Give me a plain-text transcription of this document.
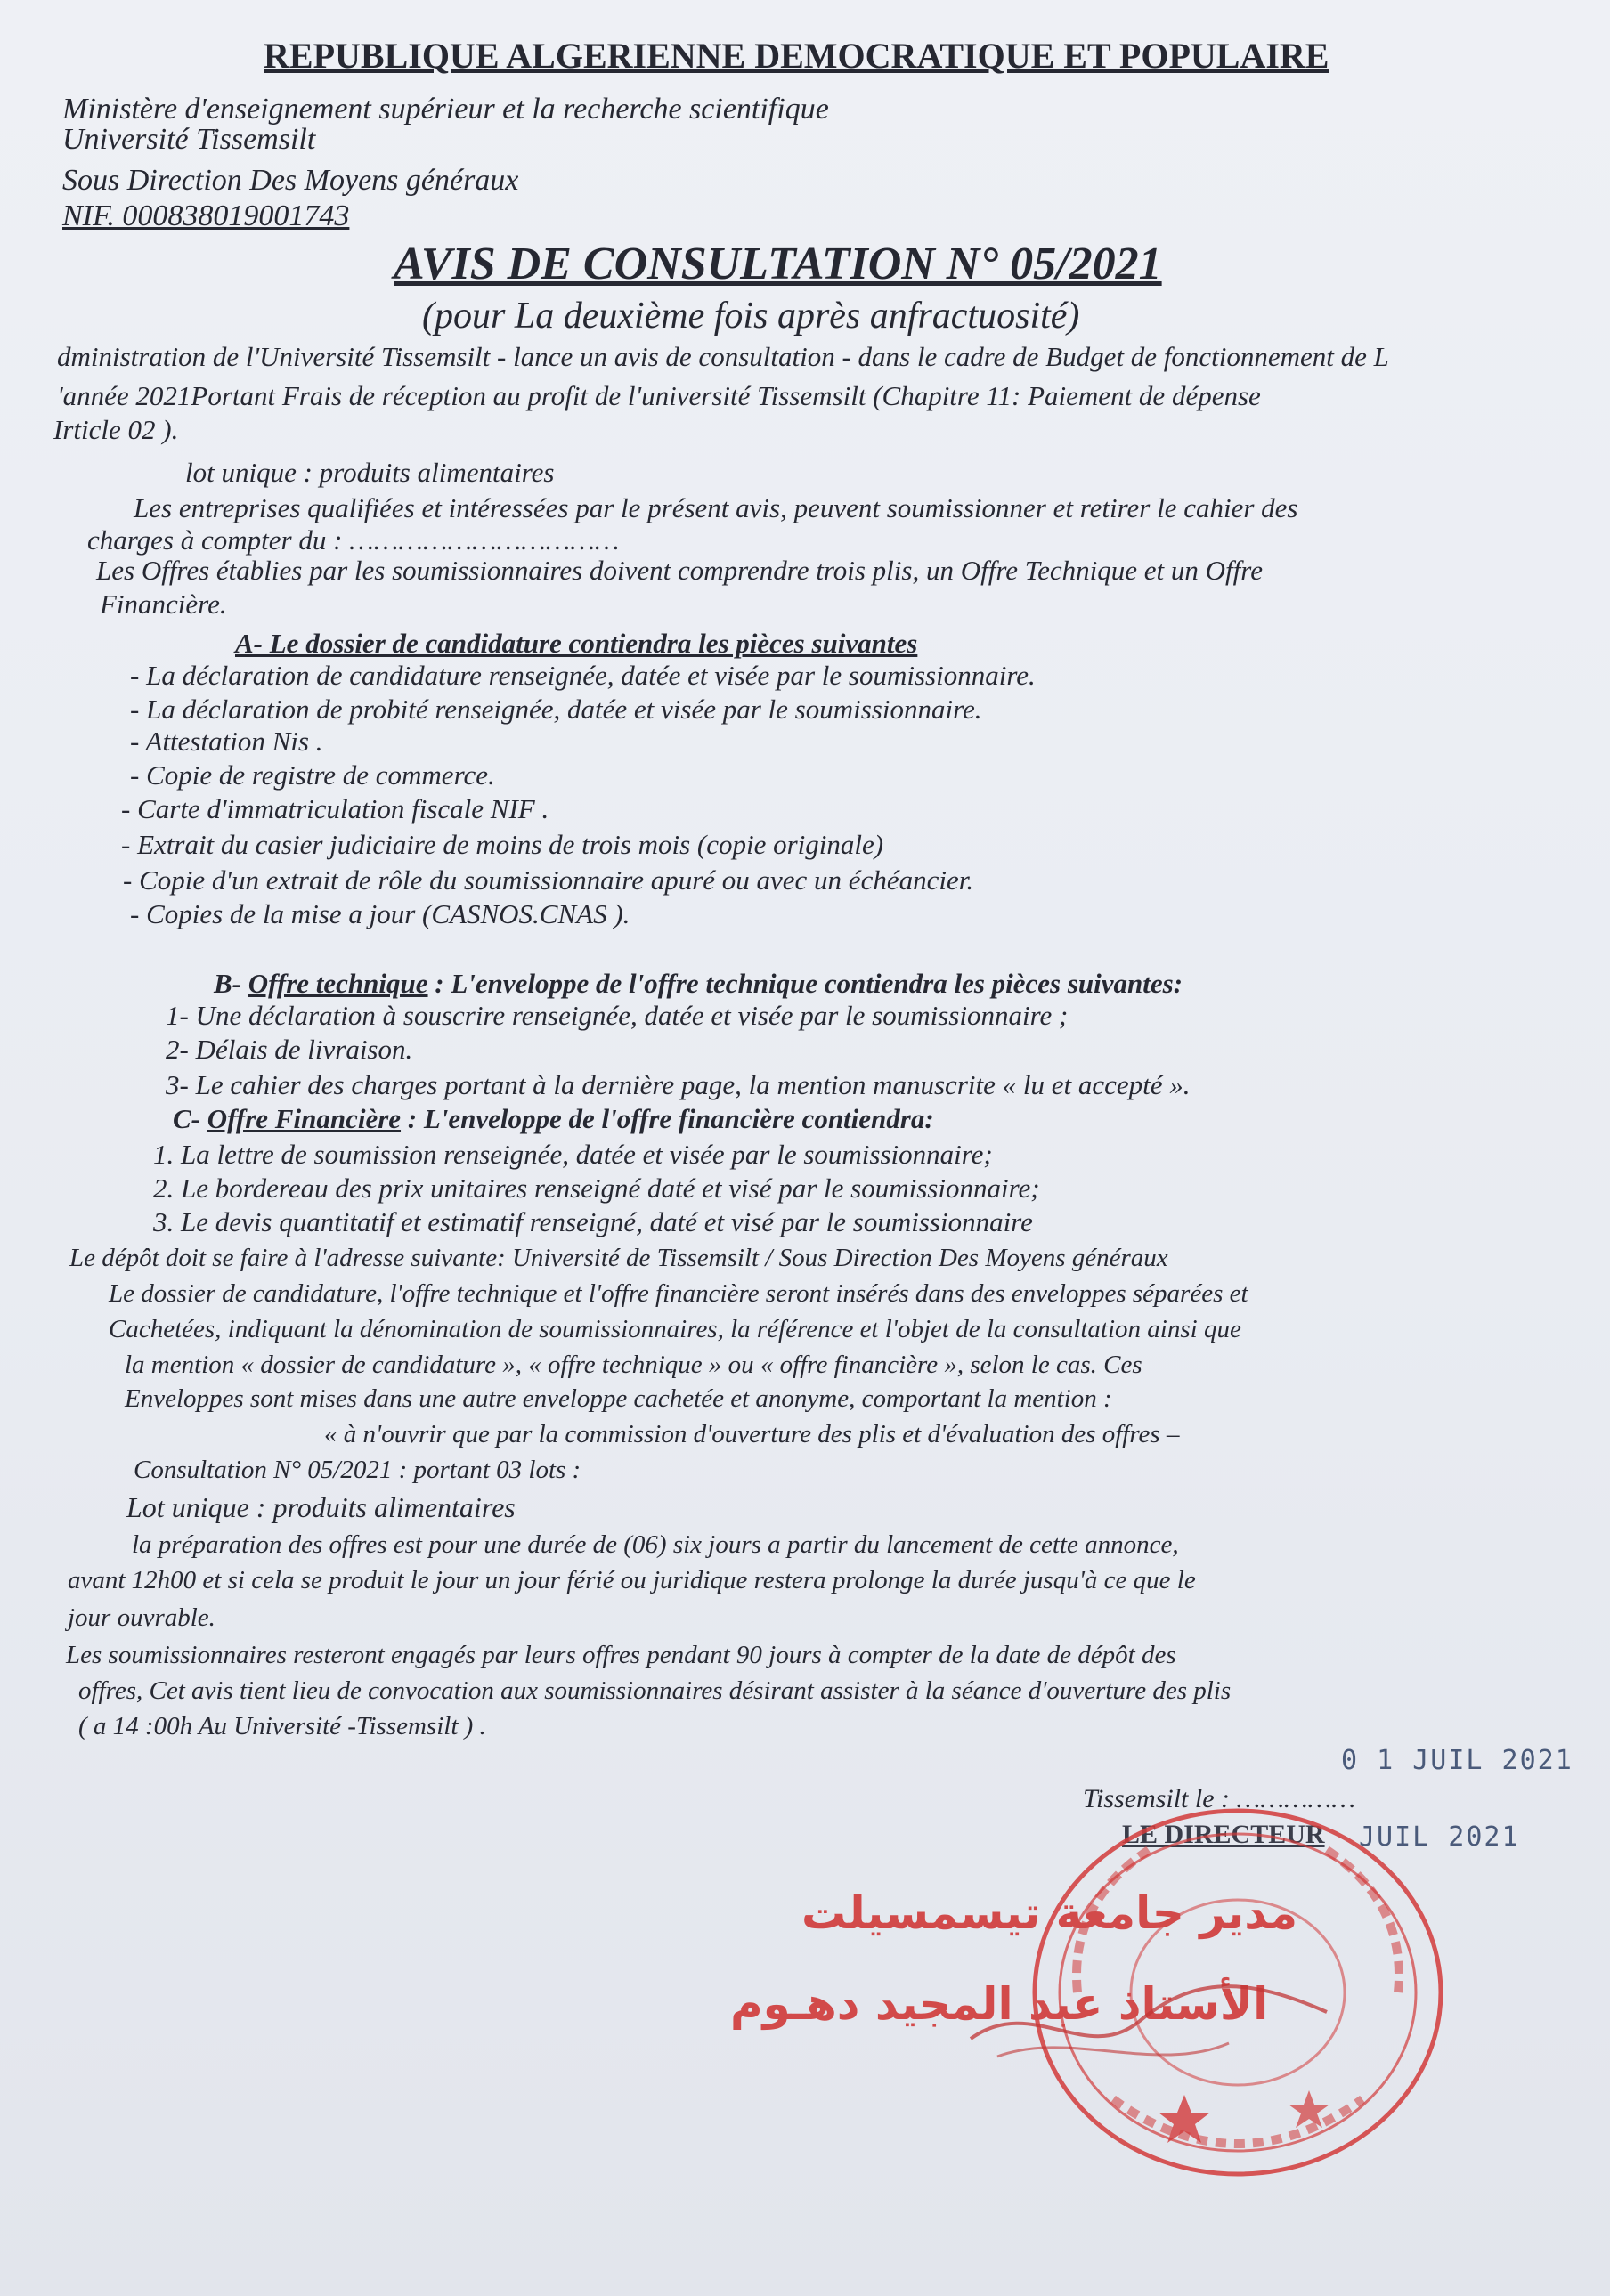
REPUBLIQUE ALGERIENNE DEMOCRATIQUE ET POPULAIRE
Ministère d'enseignement supérieur et la recherche scientifique
Université Tissemsilt
Sous Direction Des Moyens généraux
NIF. 000838019001743
AVIS DE CONSULTATION N° 05/2021
(pour La deuxième fois après anfractuosité)
dministration de l'Université Tissemsilt - lance un avis de consultation - dans le cadre de Budget de fonctionnement de L
'année 2021Portant Frais de réception au profit de l'université Tissemsilt (Chapitre 11: Paiement de dépense
Irticle 02 ).
lot unique : produits alimentaires
Les entreprises qualifiées et intéressées par le présent avis, peuvent soumissionner et retirer le cahier des
charges à compter du : ……………………………
Les Offres établies par les soumissionnaires doivent comprendre trois plis, un Offre Technique et un Offre
Financière.
A- Le dossier de candidature contiendra les pièces suivantes
- La déclaration de candidature renseignée, datée et visée par le soumissionnaire.
- La déclaration de probité renseignée, datée et visée par le soumissionnaire.
- Attestation Nis .
- Copie de registre de commerce.
- Carte d'immatriculation fiscale NIF .
- Extrait du casier judiciaire de moins de trois mois (copie originale)
- Copie d'un extrait de rôle du soumissionnaire apuré ou avec un échéancier.
- Copies de la mise a jour (CASNOS.CNAS ).
B- Offre technique : L'enveloppe de l'offre technique contiendra les pièces suivantes:
1- Une déclaration à souscrire renseignée, datée et visée par le soumissionnaire ;
2- Délais de livraison.
3- Le cahier des charges portant à la dernière page, la mention manuscrite « lu et accepté ».
C- Offre Financière : L'enveloppe de l'offre financière contiendra:
1. La lettre de soumission renseignée, datée et visée par le soumissionnaire;
2. Le bordereau des prix unitaires renseigné daté et visé par le soumissionnaire;
3. Le devis quantitatif et estimatif renseigné, daté et visé par le soumissionnaire
Le dépôt doit se faire à l'adresse suivante: Université de Tissemsilt / Sous Direction Des Moyens généraux
Le dossier de candidature, l'offre technique et l'offre financière seront insérés dans des enveloppes séparées et
Cachetées, indiquant la dénomination de soumissionnaires, la référence et l'objet de la consultation ainsi que
la mention « dossier de candidature », « offre technique » ou « offre financière », selon le cas. Ces
Enveloppes sont mises dans une autre enveloppe cachetée et anonyme, comportant la mention :
« à n'ouvrir que par la commission d'ouverture des plis et d'évaluation des offres –
Consultation N° 05/2021 : portant 03 lots :
Lot unique : produits alimentaires
la préparation des offres est pour une durée de (06) six jours a partir du lancement de cette annonce,
avant 12h00 et si cela se produit le jour un jour férié ou juridique restera prolonge la durée jusqu'à ce que le
jour ouvrable.
Les soumissionnaires resteront engagés par leurs offres pendant 90 jours à compter de la date de dépôt des
offres, Cet avis tient lieu de convocation aux soumissionnaires désirant assister à la séance d'ouverture des plis
( a 14 :00h Au Université -Tissemsilt ) .
0 1 JUIL 2021
Tissemsilt le : ……………
LE DIRECTEUR JUIL 2021
مدير جامعة تيسمسيلت
الأستاذ عبد المجيد دهـوم
